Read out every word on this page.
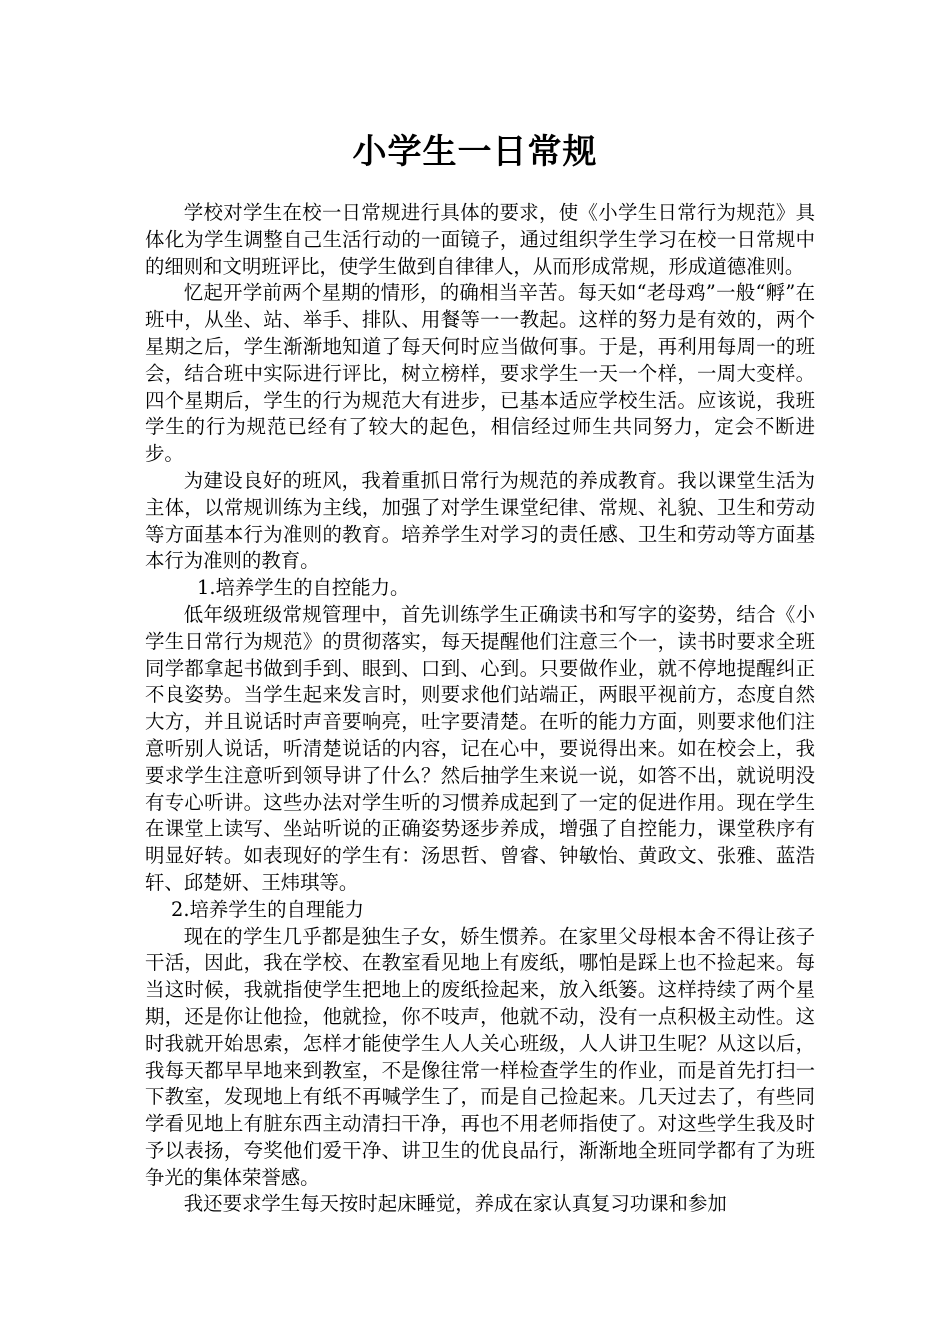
小学生一日常规

学校对学生在校一日常规进行具体的要求，使《小学生日常行为规范》具体化为学生调整自己生活行动的一面镜子，通过组织学生学习在校一日常规中的细则和文明班评比，使学生做到自律律人，从而形成常规，形成道德准则。

忆起开学前两个星期的情形，的确相当辛苦。每天如“老母鸡”一般“孵”在班中，从坐、站、举手、排队、用餐等一一教起。这样的努力是有效的，两个星期之后，学生渐渐地知道了每天何时应当做何事。于是，再利用每周一的班会，结合班中实际进行评比，树立榜样，要求学生一天一个样，一周大变样。四个星期后，学生的行为规范大有进步，已基本适应学校生活。应该说，我班学生的行为规范已经有了较大的起色，相信经过师生共同努力，定会不断进步。

为建设良好的班风，我着重抓日常行为规范的养成教育。我以课堂生活为主体，以常规训练为主线，加强了对学生课堂纪律、常规、礼貌、卫生和劳动等方面基本行为准则的教育。培养学生对学习的责任感、卫生和劳动等方面基本行为准则的教育。

1.培养学生的自控能力。

低年级班级常规管理中，首先训练学生正确读书和写字的姿势，结合《小学生日常行为规范》的贯彻落实，每天提醒他们注意三个一，读书时要求全班同学都拿起书做到手到、眼到、口到、心到。只要做作业，就不停地提醒纠正不良姿势。当学生起来发言时，则要求他们站端正，两眼平视前方，态度自然大方，并且说话时声音要响亮，吐字要清楚。在听的能力方面，则要求他们注意听别人说话，听清楚说话的内容，记在心中，要说得出来。如在校会上，我要求学生注意听到领导讲了什么？然后抽学生来说一说，如答不出，就说明没有专心听讲。这些办法对学生听的习惯养成起到了一定的促进作用。现在学生在课堂上读写、坐站听说的正确姿势逐步养成，增强了自控能力，课堂秩序有明显好转。如表现好的学生有：汤思哲、曾睿、钟敏怡、黄政文、张雅、蓝浩轩、邱楚妍、王炜琪等。

2.培养学生的自理能力

现在的学生几乎都是独生子女，娇生惯养。在家里父母根本舍不得让孩子干活，因此，我在学校、在教室看见地上有废纸，哪怕是踩上也不捡起来。每当这时候，我就指使学生把地上的废纸捡起来，放入纸篓。这样持续了两个星期，还是你让他捡，他就捡，你不吱声，他就不动，没有一点积极主动性。这时我就开始思索，怎样才能使学生人人关心班级，人人讲卫生呢？从这以后，我每天都早早地来到教室，不是像往常一样检查学生的作业，而是首先打扫一下教室，发现地上有纸不再喊学生了，而是自己捡起来。几天过去了，有些同学看见地上有脏东西主动清扫干净，再也不用老师指使了。对这些学生我及时予以表扬，夸奖他们爱干净、讲卫生的优良品行，渐渐地全班同学都有了为班争光的集体荣誉感。

我还要求学生每天按时起床睡觉，养成在家认真复习功课和参加
